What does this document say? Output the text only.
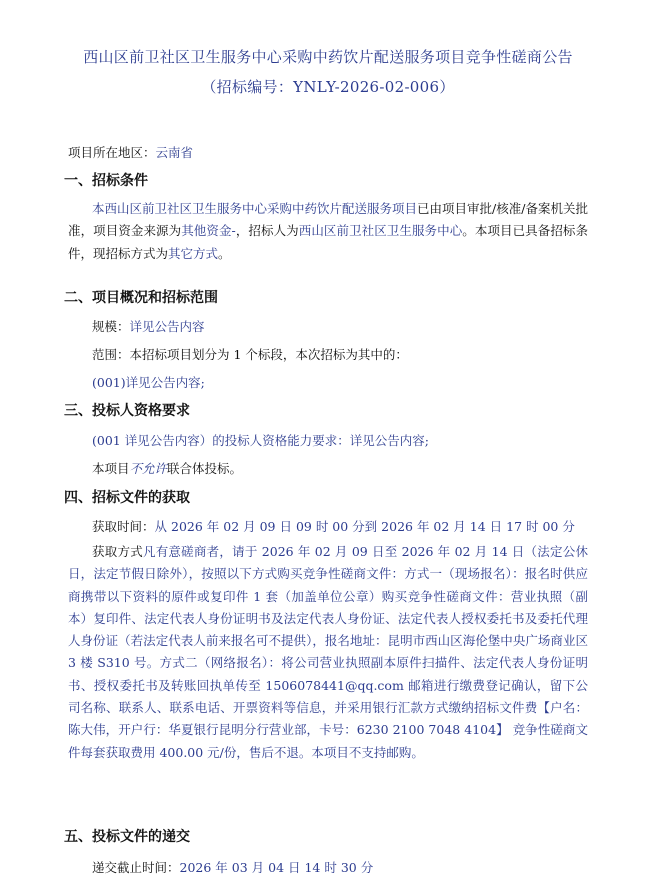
西山区前卫社区卫生服务中心采购中药饮片配送服务项目竞争性磋商公告
（招标编号：YNLY-2026-02-006）
项目所在地区：云南省
一、招标条件
本西山区前卫社区卫生服务中心采购中药饮片配送服务项目已由项目审批/核准/备案机关批准，项目资金来源为其他资金-，招标人为西山区前卫社区卫生服务中心。本项目已具备招标条件，现招标方式为其它方式。
二、项目概况和招标范围
规模：详见公告内容
范围：本招标项目划分为 1 个标段，本次招标为其中的：
(001)详见公告内容;
三、投标人资格要求
(001 详见公告内容）的投标人资格能力要求：详见公告内容;
本项目不允许联合体投标。
四、招标文件的获取
获取时间：从 2026 年 02 月 09 日 09 时 00 分到 2026 年 02 月 14 日 17 时 00 分
获取方式凡有意磋商者，请于 2026 年 02 月 09 日至 2026 年 02 月 14 日（法定公休日，法定节假日除外），按照以下方式购买竞争性磋商文件：方式一（现场报名）：报名时供应商携带以下资料的原件或复印件 1 套（加盖单位公章）购买竞争性磋商文件：营业执照（副本）复印件、法定代表人身份证明书及法定代表人身份证、法定代表人授权委托书及委托代理人身份证（若法定代表人前来报名可不提供），报名地址：昆明市西山区海伦堡中央广场商业区 3 楼 S310 号。方式二（网络报名）：将公司营业执照副本原件扫描件、法定代表人身份证明书、授权委托书及转账回执单传至 1506078441@qq.com 邮箱进行缴费登记确认，留下公司名称、联系人、联系电话、开票资料等信息，并采用银行汇款方式缴纳招标文件费【户名：陈大伟，开户行：华夏银行昆明分行营业部，卡号：6230 2100 7048 4104】 竞争性磋商文件每套获取费用 400.00 元/份，售后不退。本项目不支持邮购。
五、投标文件的递交
递交截止时间：2026 年 03 月 04 日 14 时 30 分
